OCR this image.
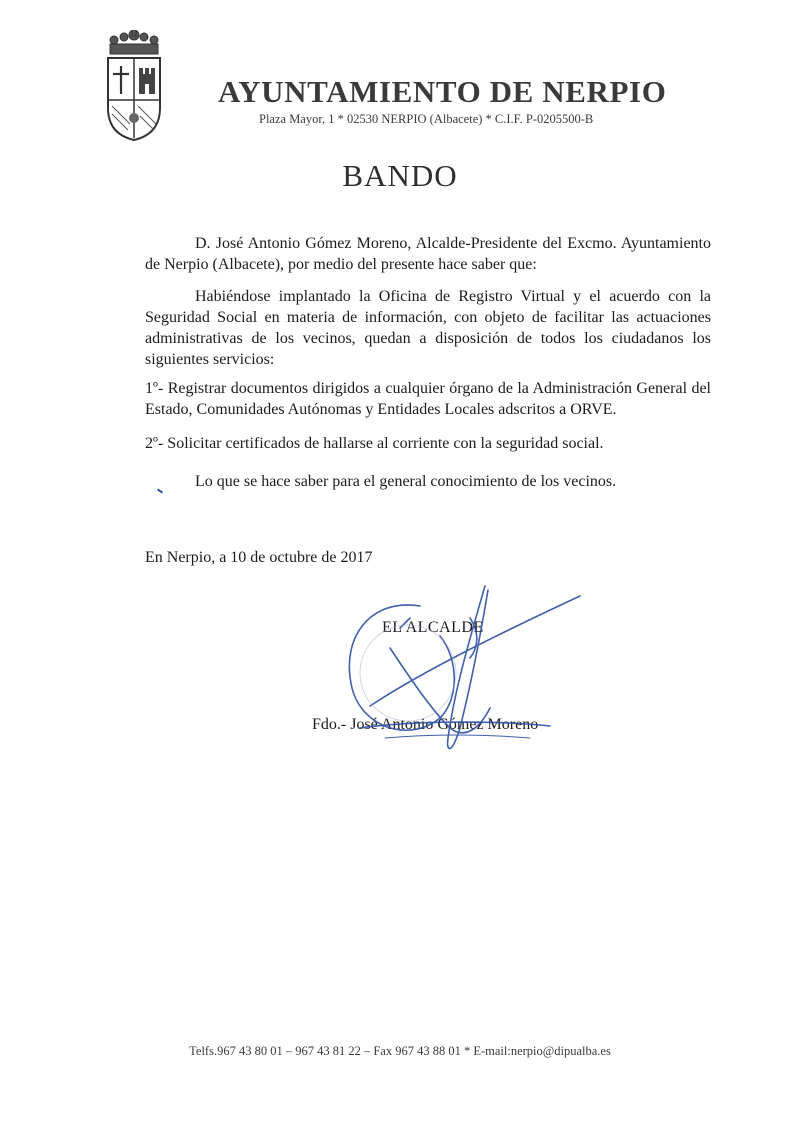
AYUNTAMIENTO DE NERPIO
Plaza Mayor, 1 * 02530 NERPIO (Albacete) * C.I.F. P-0205500-B
BANDO
D. José Antonio Gómez Moreno, Alcalde-Presidente del Excmo. Ayuntamiento de Nerpio (Albacete), por medio del presente hace saber que:
Habiéndose implantado la Oficina de Registro Virtual y el acuerdo con la Seguridad Social en materia de información, con objeto de facilitar las actuaciones administrativas de los vecinos, quedan a disposición de todos los ciudadanos los siguientes servicios:
1º- Registrar documentos dirigidos a cualquier órgano de la Administración General del Estado, Comunidades Autónomas y Entidades Locales adscritos a ORVE.
2º- Solicitar certificados de hallarse al corriente con la seguridad social.
Lo que se hace saber para el general conocimiento de los vecinos.
En Nerpio, a 10 de octubre de 2017
EL ALCALDE
Fdo.- José Antonio Gómez Moreno
Telfs.967 43 80 01 – 967 43 81 22 – Fax 967 43 88 01 * E-mail:nerpio@dipualba.es
